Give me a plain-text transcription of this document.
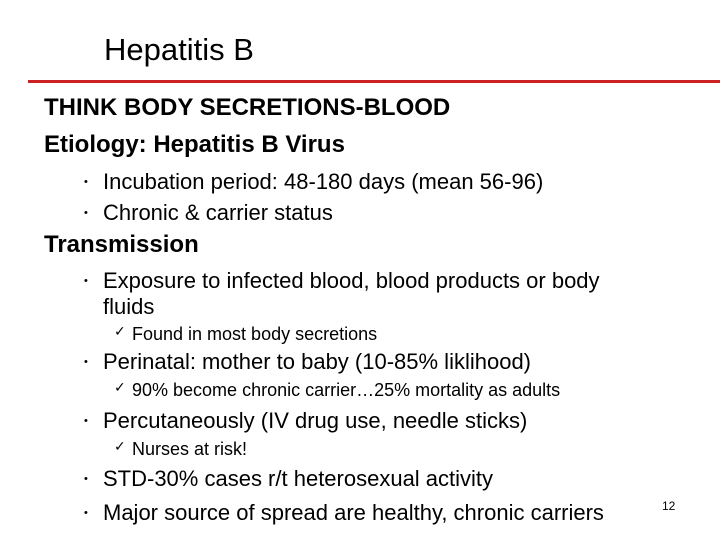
Hepatitis B
THINK BODY SECRETIONS-BLOOD
Etiology: Hepatitis B Virus
• Incubation period: 48-180 days (mean 56-96)
• Chronic & carrier status
Transmission
• Exposure to infected blood, blood products or body
fluids
✓ Found in most body secretions
• Perinatal: mother to baby (10-85% liklihood)
✓ 90% become chronic carrier…25% mortality as adults
• Percutaneously (IV drug use, needle sticks)
✓ Nurses at risk!
• STD-30% cases r/t heterosexual activity
• Major source of spread are healthy, chronic carriers	12
